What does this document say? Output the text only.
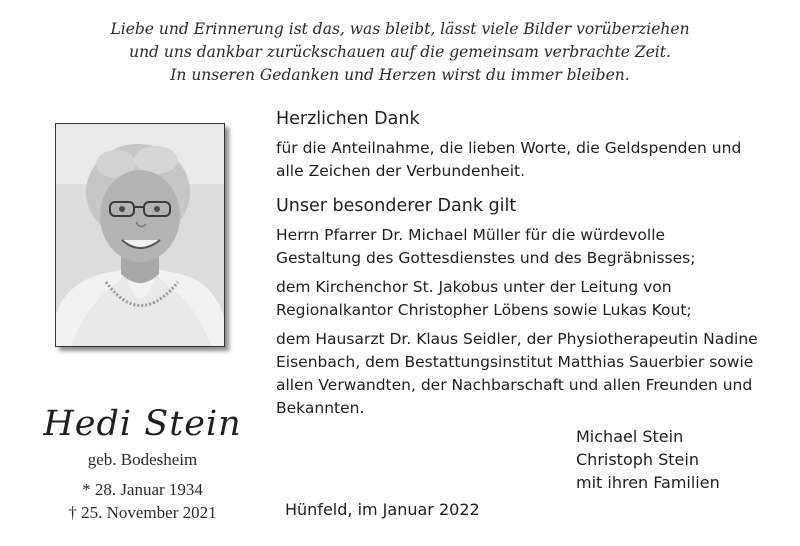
Liebe und Erinnerung ist das, was bleibt, lässt viele Bilder vorüberziehen
und uns dankbar zurückschauen auf die gemeinsam verbrachte Zeit.
In unseren Gedanken und Herzen wirst du immer bleiben.
Hedi Stein
geb. Bodesheim
* 28. Januar 1934
† 25. November 2021
Herzlichen Dank
für die Anteilnahme, die lieben Worte, die Geldspenden und
alle Zeichen der Verbundenheit.
Unser besonderer Dank gilt
Herrn Pfarrer Dr. Michael Müller für die würdevolle
Gestaltung des Gottesdienstes und des Begräbnisses;
dem Kirchenchor St. Jakobus unter der Leitung von
Regionalkantor Christopher Löbens sowie Lukas Kout;
dem Hausarzt Dr. Klaus Seidler, der Physiotherapeutin Nadine
Eisenbach, dem Bestattungsinstitut Matthias Sauerbier sowie
allen Verwandten, der Nachbarschaft und allen Freunden und
Bekannten.
Michael Stein
Christoph Stein
mit ihren Familien
Hünfeld, im Januar 2022
